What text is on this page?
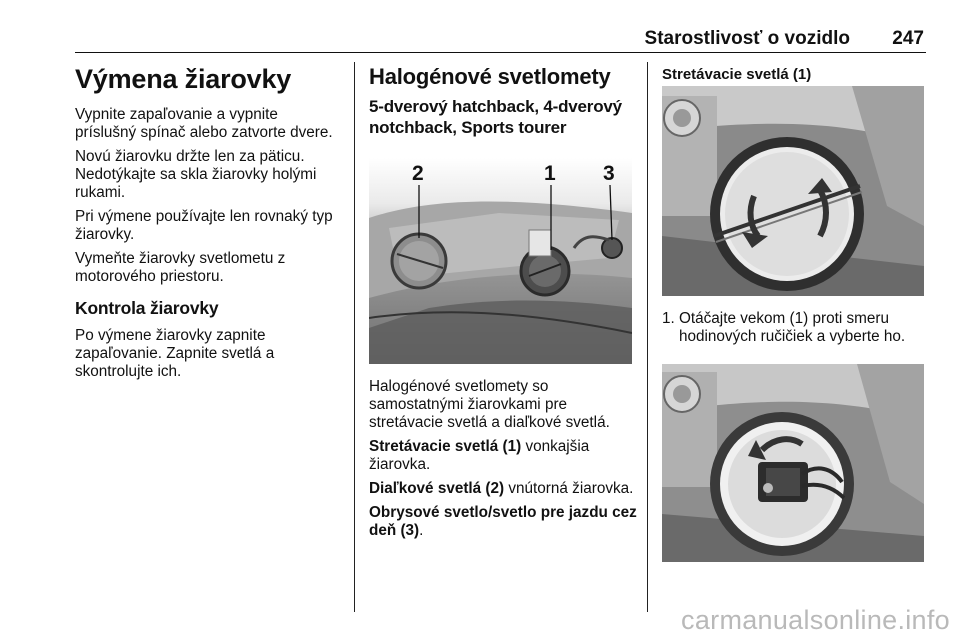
Starostlivosť o vozidlo 247
Výmena žiarovky

Vypnite zapaľovanie a vypnite príslušný spínač alebo zatvorte dvere.

Novú žiarovku držte len za päticu. Nedotýkajte sa skla žiarovky holými rukami.

Pri výmene používajte len rovnaký typ žiarovky.

Vymeňte žiarovky svetlometu z motorového priestoru.

Kontrola žiarovky

Po výmene žiarovky zapnite zapaľovanie. Zapnite svetlá a skontrolujte ich.

Halogénové svetlomety
5-dverový hatchback, 4-dverový notchback, Sports tourer
2	1 3

Halogénové svetlomety so samostatnými žiarovkami pre stretávacie svetlá a diaľkové svetlá.

Stretávacie svetlá (1) vonkajšia žiarovka.

Diaľkové svetlá (2) vnútorná žiarovka.

Obrysové svetlo/svetlo pre jazdu cez deň (3).

Stretávacie svetlá (1)
1. Otáčajte vekom (1) proti smeru hodinových ručičiek a vyberte ho.
carmanualsonline.info
